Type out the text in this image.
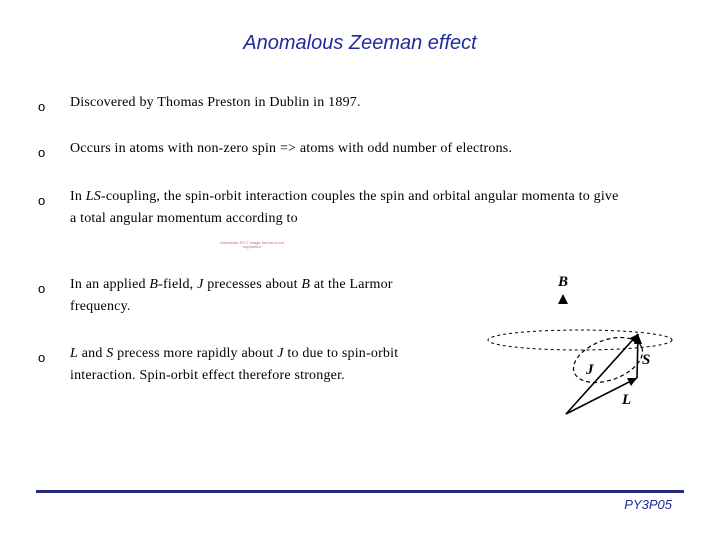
Anomalous Zeeman effect
o Discovered by Thomas Preston in Dublin in 1897.
o Occurs in atoms with non-zero spin => atoms with odd number of electrons.
o In LS-coupling, the spin-orbit interaction couples the spin and orbital angular momenta to give
a total angular momentum according to
Macintosh PICT image format is not supported
o In an applied B-field, J precesses about B at the Larmor
frequency.
o L and S precess more rapidly about J to due to spin-orbit
interaction. Spin-orbit effect therefore stronger.
B
J
L
S
PY3P05
